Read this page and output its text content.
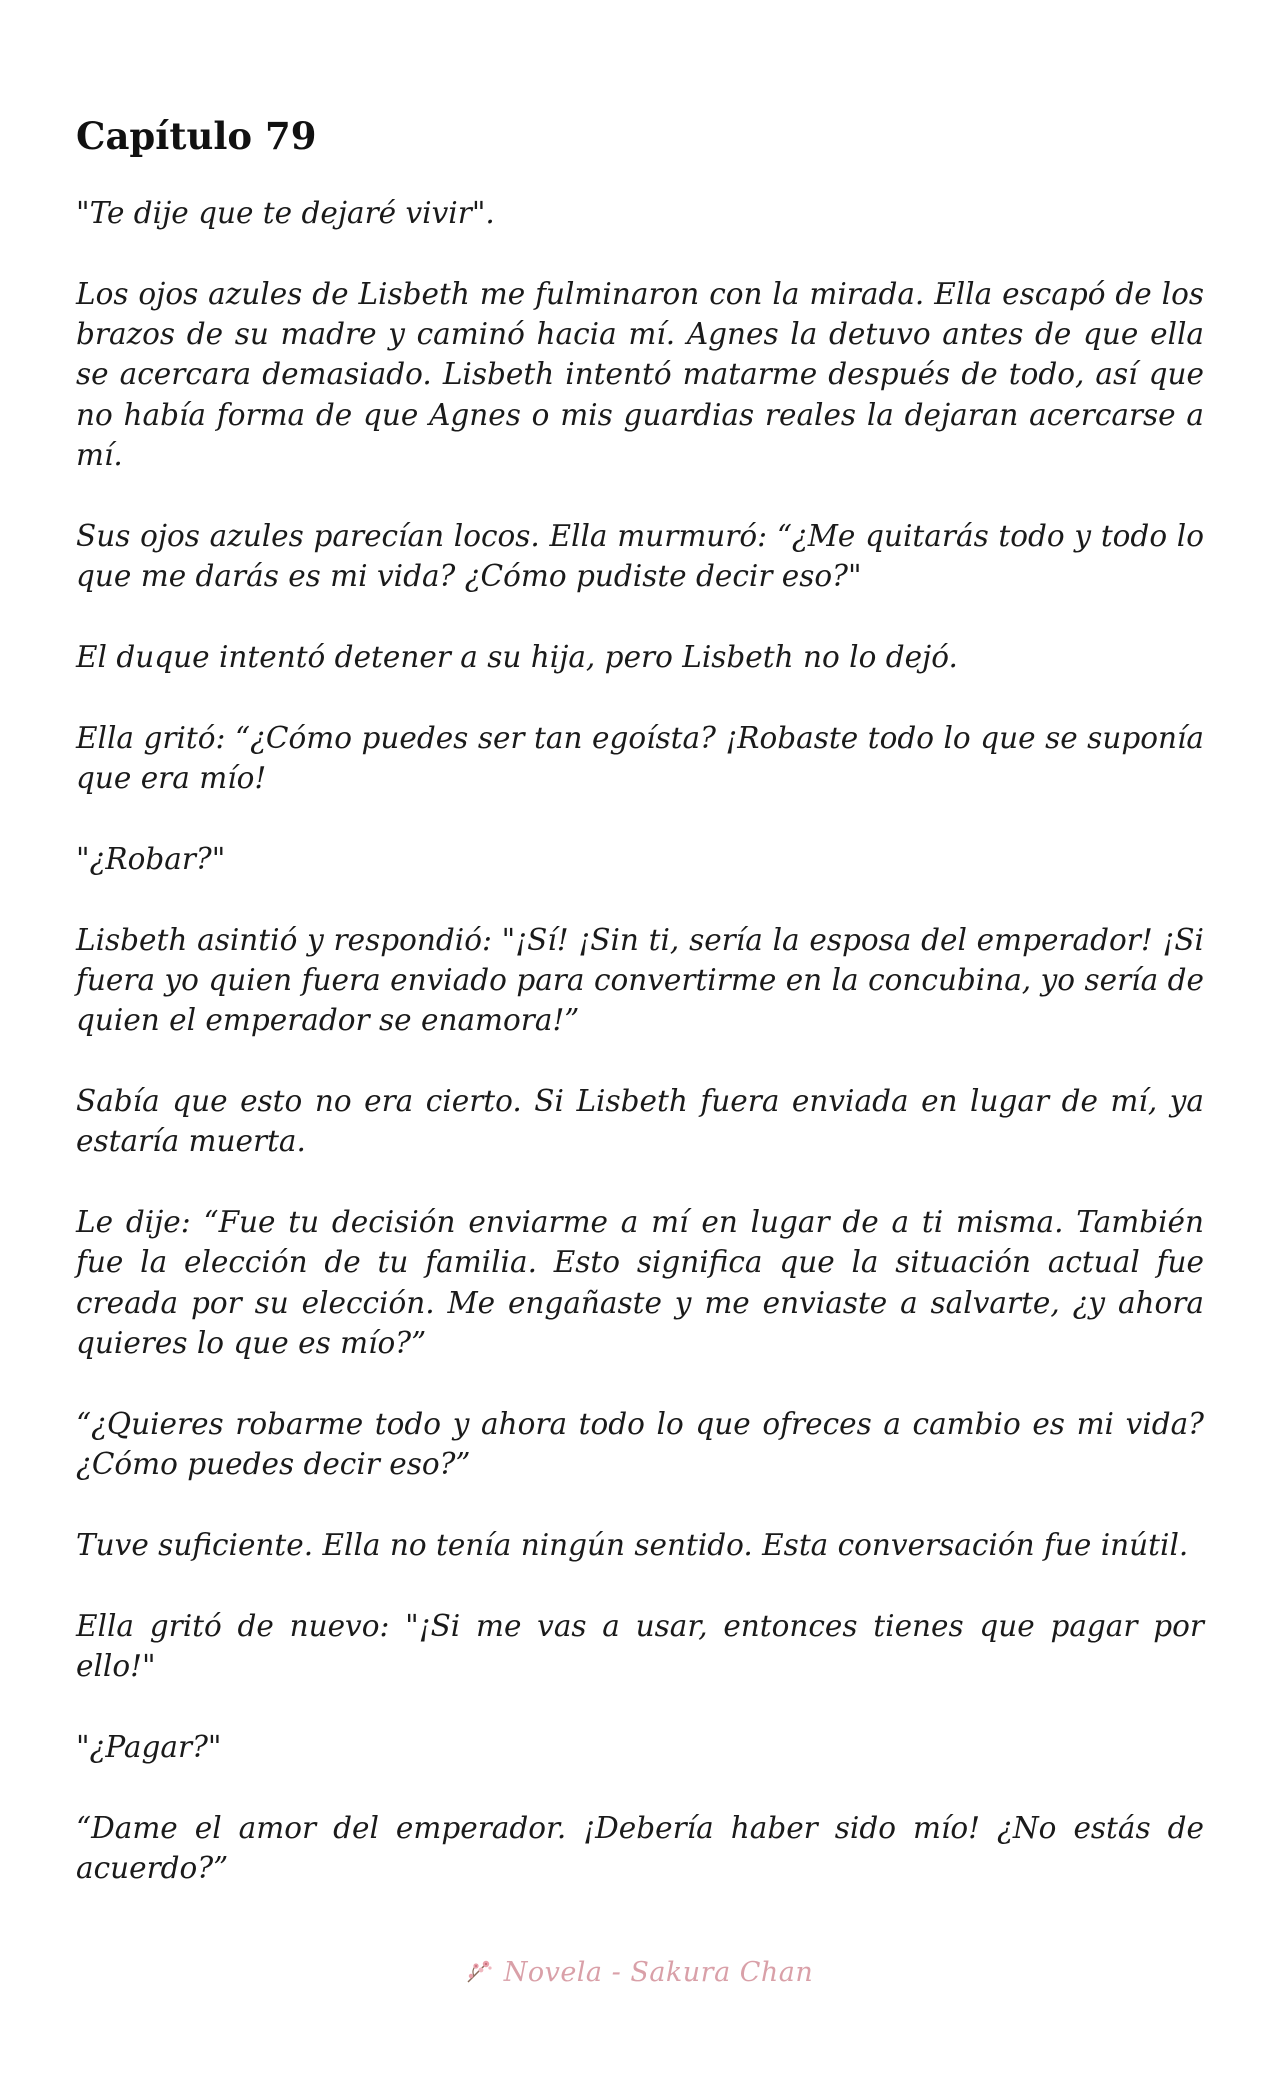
Capítulo 79

"Te dije que te dejaré vivir".

Los ojos azules de Lisbeth me fulminaron con la mirada. Ella escapó de los brazos de su madre y caminó hacia mí. Agnes la detuvo antes de que ella se acercara demasiado. Lisbeth intentó matarme después de todo, así que no había forma de que Agnes o mis guardias reales la dejaran acercarse a mí.

Sus ojos azules parecían locos. Ella murmuró: “¿Me quitarás todo y todo lo que me darás es mi vida? ¿Cómo pudiste decir eso?"

El duque intentó detener a su hija, pero Lisbeth no lo dejó.

Ella gritó: “¿Cómo puedes ser tan egoísta? ¡Robaste todo lo que se suponía que era mío!

"¿Robar?"

Lisbeth asintió y respondió: "¡Sí! ¡Sin ti, sería la esposa del emperador! ¡Si fuera yo quien fuera enviado para convertirme en la concubina, yo sería de quien el emperador se enamora!”

Sabía que esto no era cierto. Si Lisbeth fuera enviada en lugar de mí, ya estaría muerta.

Le dije: “Fue tu decisión enviarme a mí en lugar de a ti misma. También fue la elección de tu familia. Esto significa que la situación actual fue creada por su elección. Me engañaste y me enviaste a salvarte, ¿y ahora quieres lo que es mío?”

“¿Quieres robarme todo y ahora todo lo que ofreces a cambio es mi vida? ¿Cómo puedes decir eso?”

Tuve suficiente. Ella no tenía ningún sentido. Esta conversación fue inútil.

Ella gritó de nuevo: "¡Si me vas a usar, entonces tienes que pagar por ello!"

"¿Pagar?"

“Dame el amor del emperador. ¡Debería haber sido mío! ¿No estás de acuerdo?”

Novela - Sakura Chan
